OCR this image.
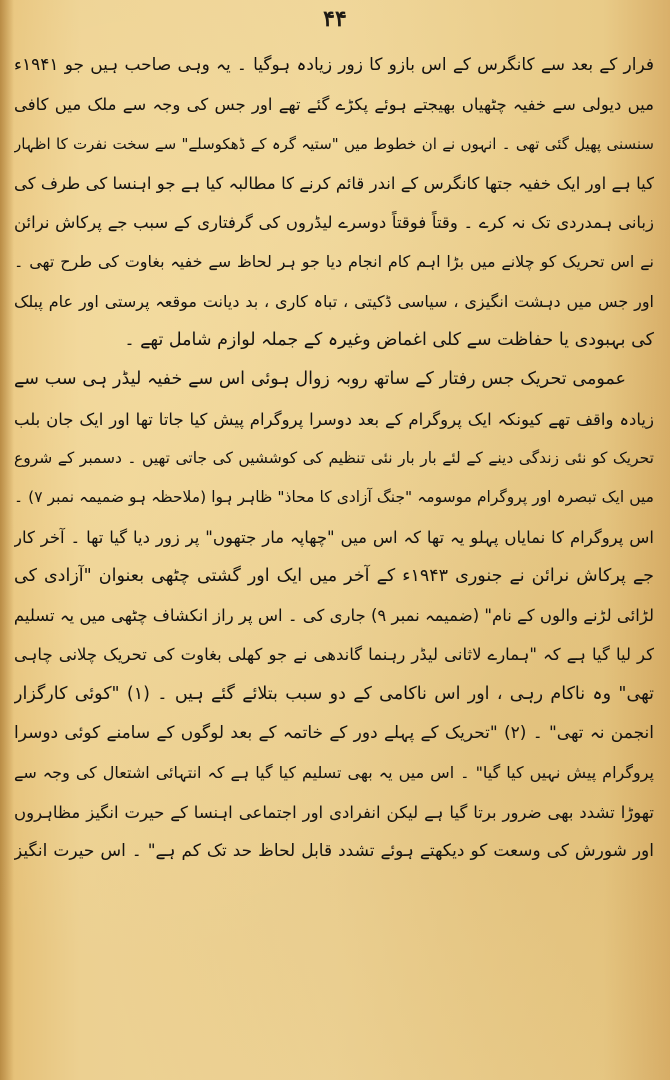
۴۴
فرار کے بعد سے کانگرس کے اس بازو کا زور زیادہ ہوگیا ۔ یہ وہی صاحب ہیں جو ۱۹۴۱ء
میں دیولی سے خفیہ چٹھیاں بھیجتے ہوئے پکڑے گئے تھے اور جس کی وجہ سے ملک میں کافی
سنسنی پھیل گئی تھی ۔ انہوں نے ان خطوط میں "ستیہ گرہ کے ڈھکوسلے" سے سخت نفرت کا اظہار
کیا ہے اور ایک خفیہ جتھا کانگرس کے اندر قائم کرنے کا مطالبہ کیا ہے جو اہنسا کی طرف کی
زبانی ہمدردی تک نہ کرے ۔ وقتاً فوقتاً دوسرے لیڈروں کی گرفتاری کے سبب جے پرکاش نرائن
نے اس تحریک کو چلانے میں بڑا اہم کام انجام دیا جو ہر لحاظ سے خفیہ بغاوت کی طرح تھی ۔
اور جس میں دہشت انگیزی ، سیاسی ڈکیتی ، تباہ کاری ، بد دیانت موقعہ پرستی اور عام پبلک
کی بہبودی یا حفاظت سے کلی اغماض وغیرہ کے جملہ لوازم شامل تھے ۔
عمومی تحریک جس رفتار کے ساتھ روبہ زوال ہوئی اس سے خفیہ لیڈر ہی سب سے
زیادہ واقف تھے کیونکہ ایک پروگرام کے بعد دوسرا پروگرام پیش کیا جاتا تھا اور ایک جان بلب
تحریک کو نئی زندگی دینے کے لئے بار بار نئی تنظیم کی کوششیں کی جاتی تھیں ۔ دسمبر کے شروع
میں ایک تبصرہ اور پروگرام موسومہ "جنگ آزادی کا محاذ" ظاہر ہوا (ملاحظہ ہو ضمیمہ نمبر ۷) ۔
اس پروگرام کا نمایاں پہلو یہ تھا کہ اس میں "چھاپہ مار جتھوں" پر زور دیا گیا تھا ۔ آخر کار
جے پرکاش نرائن نے جنوری ۱۹۴۳ء کے آخر میں ایک اور گشتی چٹھی بعنوان "آزادی کی
لڑائی لڑنے والوں کے نام" (ضمیمہ نمبر ۹) جاری کی ۔ اس پر راز انکشاف چٹھی میں یہ تسلیم
کر لیا گیا ہے کہ "ہمارے لاثانی لیڈر رہنما گاندھی نے جو کھلی بغاوت کی تحریک چلانی چاہی
تھی" وہ ناکام رہی ، اور اس ناکامی کے دو سبب بتلائے گئے ہیں ۔ (۱) "کوئی کارگزار
انجمن نہ تھی" ۔ (۲) "تحریک کے پہلے دور کے خاتمہ کے بعد لوگوں کے سامنے کوئی دوسرا
پروگرام پیش نہیں کیا گیا" ۔ اس میں یہ بھی تسلیم کیا گیا ہے کہ انتہائی اشتعال کی وجہ سے
تھوڑا تشدد بھی ضرور برتا گیا ہے لیکن انفرادی اور اجتماعی اہنسا کے حیرت انگیز مظاہروں
اور شورش کی وسعت کو دیکھتے ہوئے تشدد قابل لحاظ حد تک کم ہے" ۔ اس حیرت انگیز
